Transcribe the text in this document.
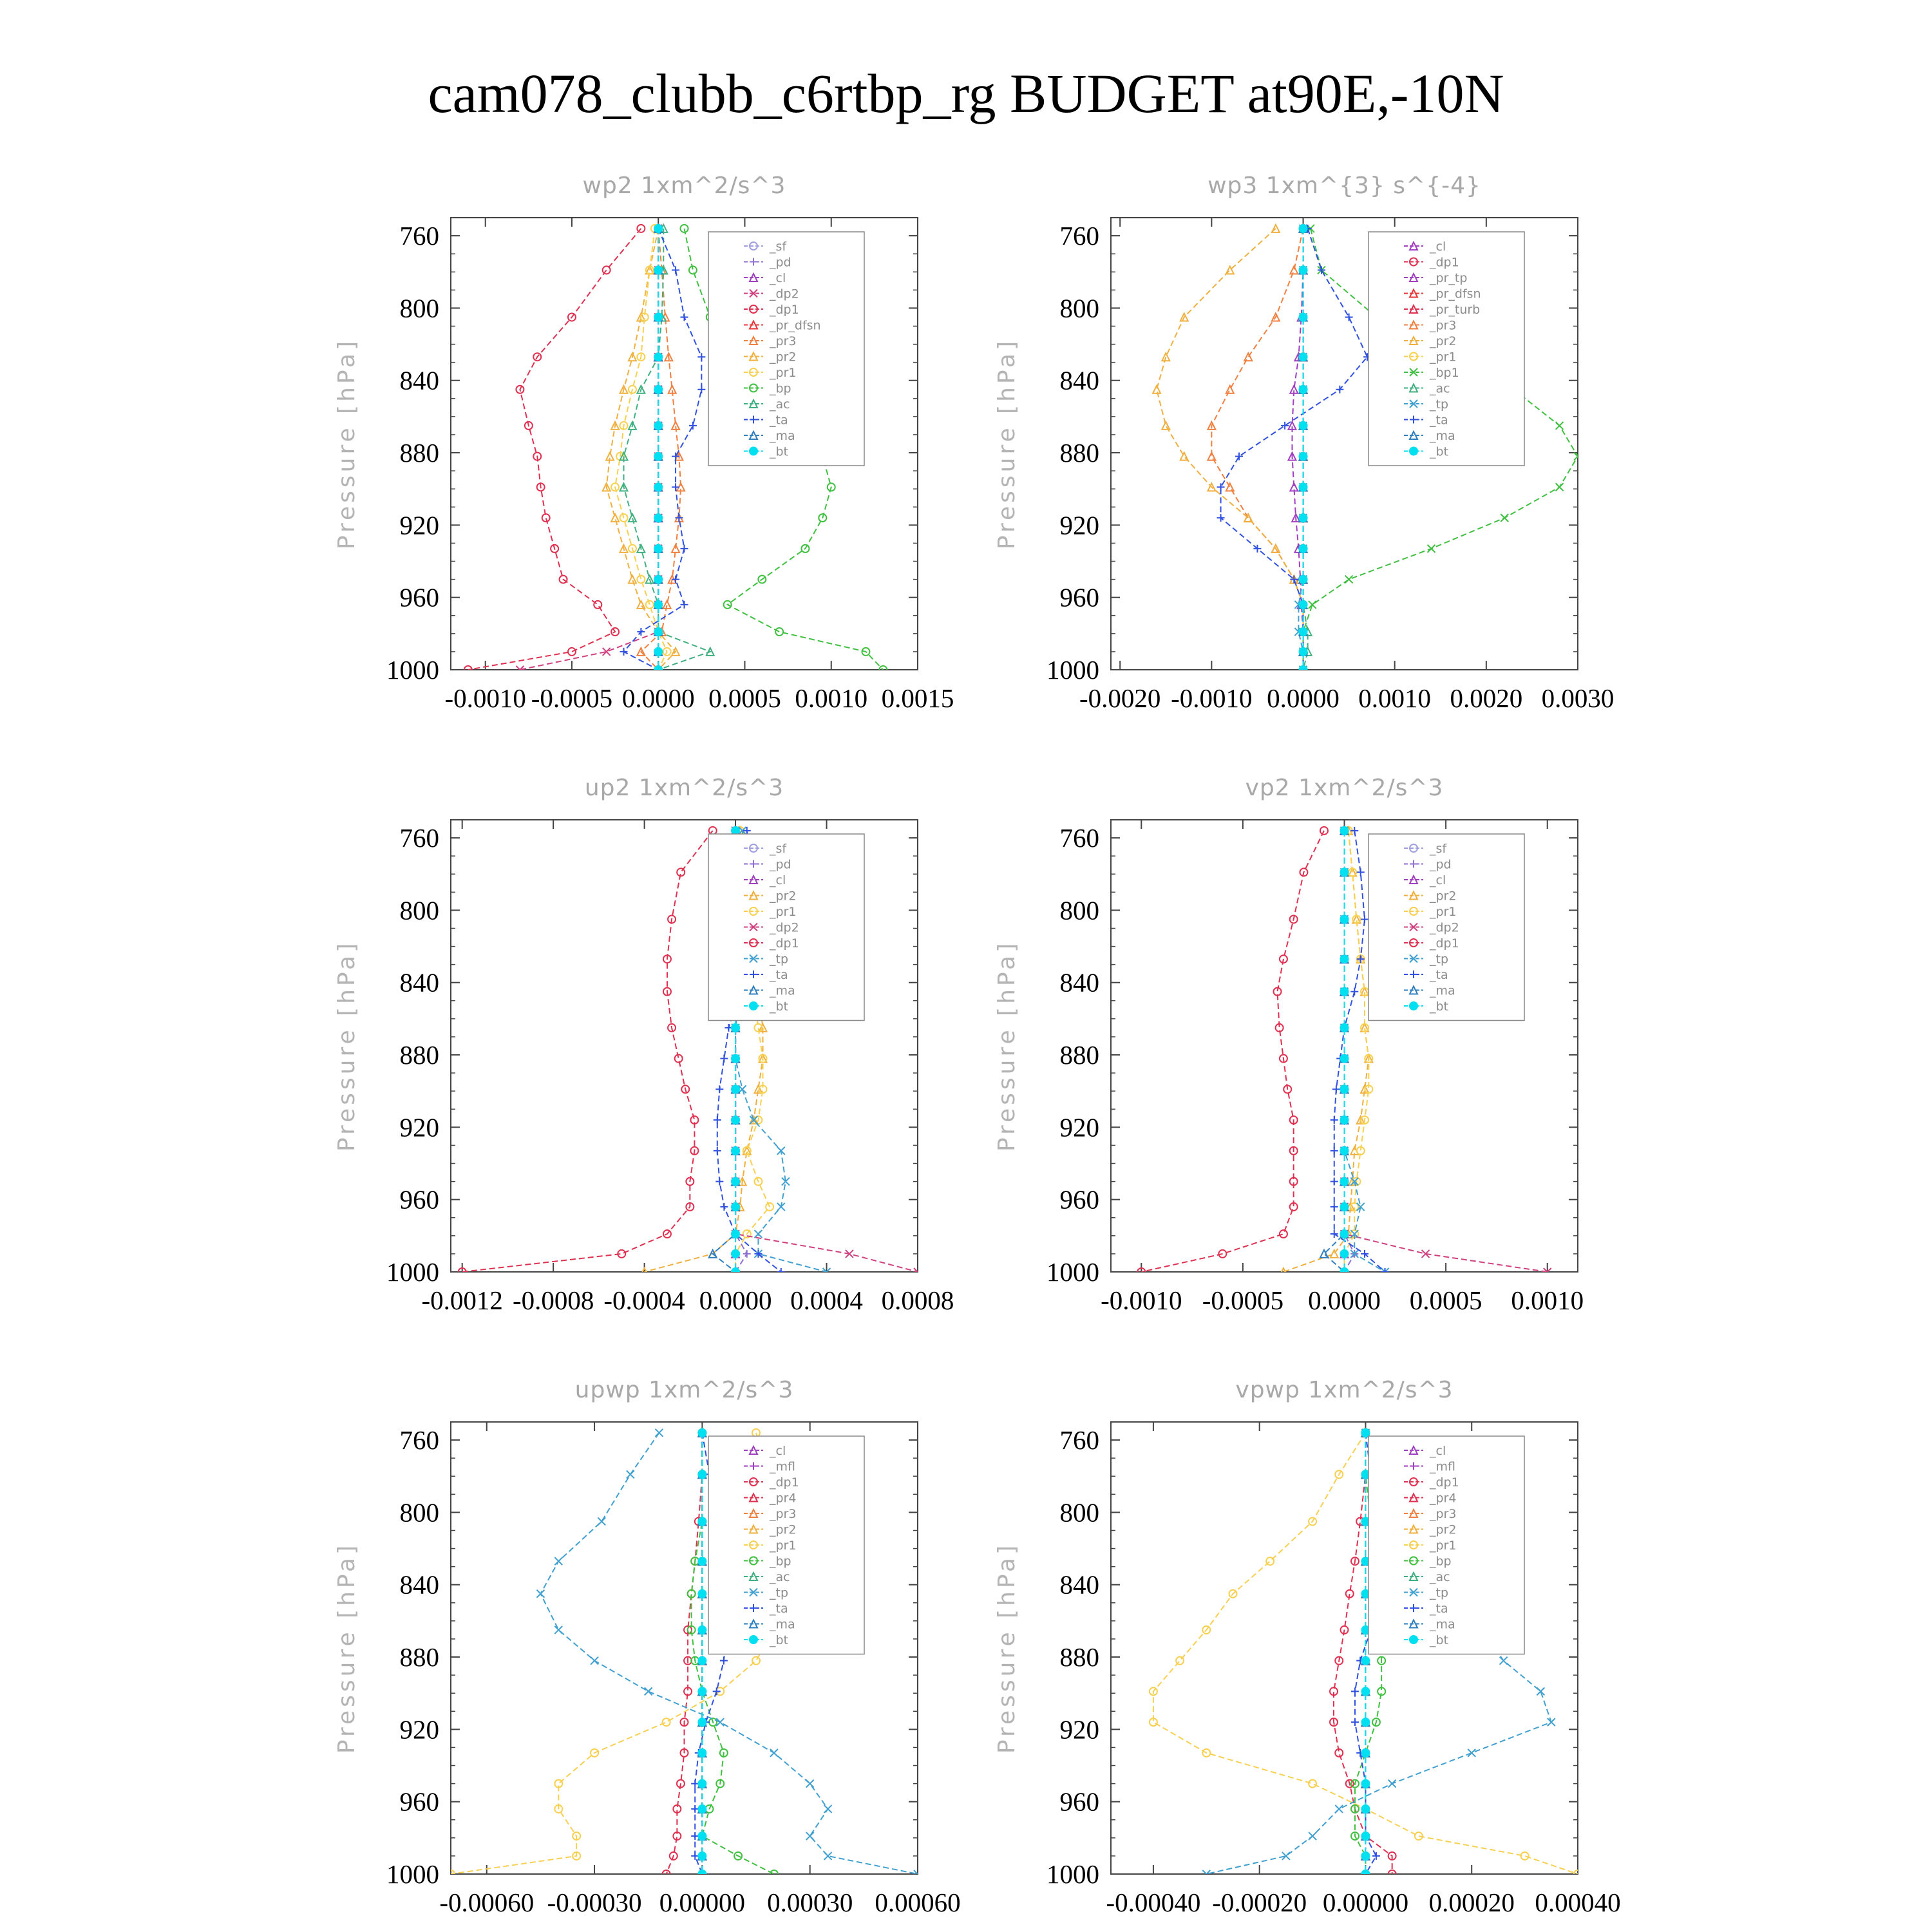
cam078_clubb_c6rtbp_rg BUDGET at90E,-10N
wp2 1xm^2/s^3
Pressure [hPa]
760
800
840
880
920
960
1000
-0.0010 -0.0005 0.0000 0.0005 0.0010 0.0015
_sf
_pd
_cl
_dp2
_dp1
_pr_dfsn
_pr3
_pr2
_pr1
_bp
_ac
_ta
_ma
_bt
wp3 1xm^{3} s^{-4}
Pressure [hPa]
760
800
840
880
920
960
1000
-0.0020 -0.0010 0.0000 0.0010 0.0020 0.0030
_cl
_dp1
_pr_tp
_pr_dfsn
_pr_turb
_pr3
_pr2
_pr1
_bp1
_ac
_tp
_ta
_ma
_bt
up2 1xm^2/s^3
Pressure [hPa]
760
800
840
880
920
960
1000
-0.0012 -0.0008 -0.0004 0.0000 0.0004 0.0008
_sf
_pd
_cl
_pr2
_pr1
_dp2
_dp1
_tp
_ta
_ma
_bt
vp2 1xm^2/s^3
Pressure [hPa]
760
800
840
880
920
960
1000
-0.0010 -0.0005 0.0000 0.0005 0.0010
_sf
_pd
_cl
_pr2
_pr1
_dp2
_dp1
_tp
_ta
_ma
_bt
upwp 1xm^2/s^3
Pressure [hPa]
760
800
840
880
920
960
1000
-0.00060 -0.00030 0.00000 0.00030 0.00060
_cl
_mfl
_dp1
_pr4
_pr3
_pr2
_pr1
_bp
_ac
_tp
_ta
_ma
_bt
vpwp 1xm^2/s^3
Pressure [hPa]
760
800
840
880
920
960
1000
-0.00040 -0.00020 0.00000 0.00020 0.00040
_cl
_mfl
_dp1
_pr4
_pr3
_pr2
_pr1
_bp
_ac
_tp
_ta
_ma
_bt
